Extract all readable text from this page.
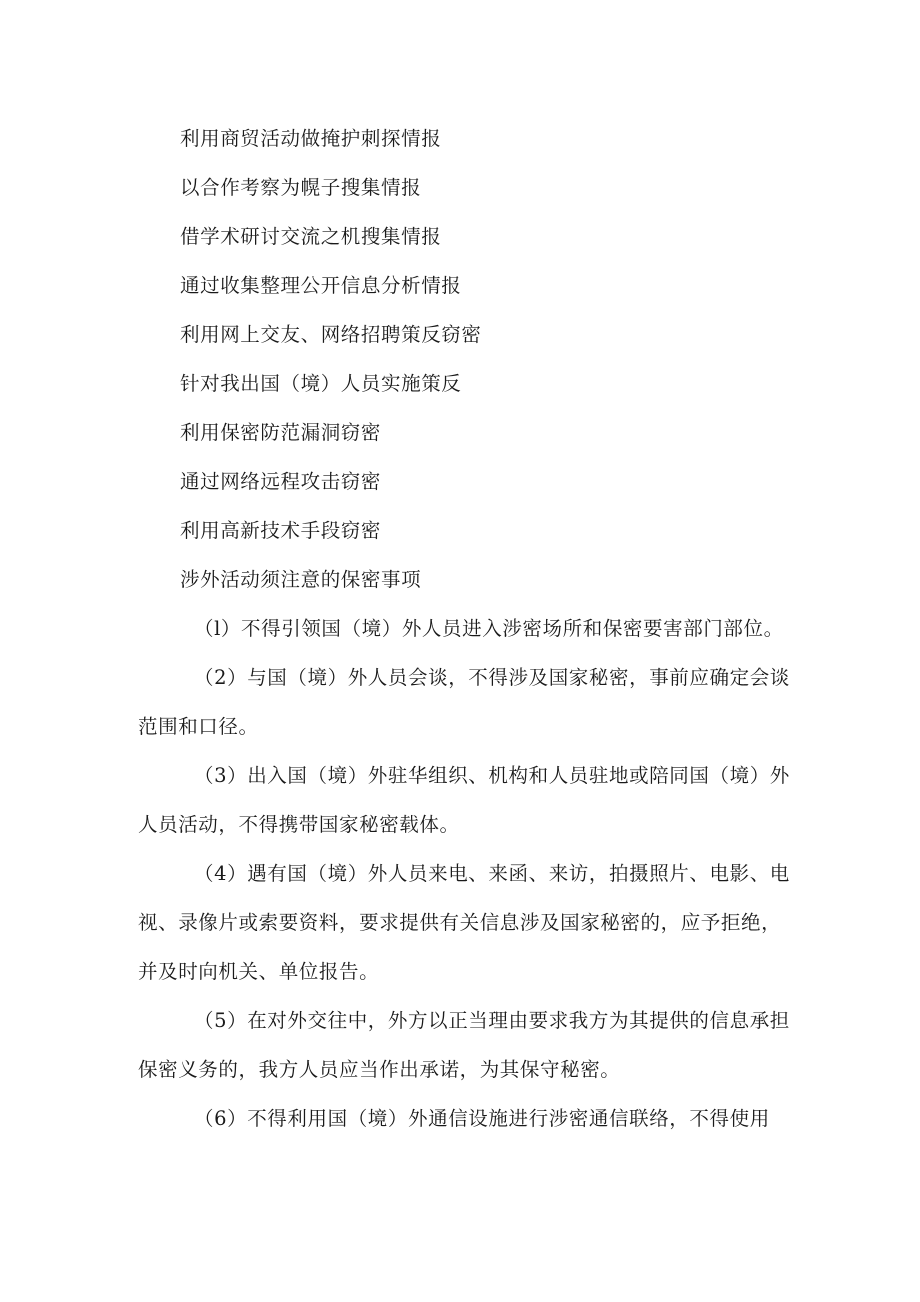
利用商贸活动做掩护刺探情报

以合作考察为幌子搜集情报

借学术研讨交流之机搜集情报

通过收集整理公开信息分析情报

利用网上交友、网络招聘策反窃密

针对我出国（境）人员实施策反

利用保密防范漏洞窃密

通过网络远程攻击窃密

利用高新技术手段窃密

涉外活动须注意的保密事项

（l）不得引领国（境）外人员进入涉密场所和保密要害部门部位。

（2）与国（境）外人员会谈，不得涉及国家秘密，事前应确定会谈

范围和口径。

（3）出入国（境）外驻华组织、机构和人员驻地或陪同国（境）外

人员活动，不得携带国家秘密载体。

（4）遇有国（境）外人员来电、来函、来访，拍摄照片、电影、电

视、录像片或索要资料，要求提供有关信息涉及国家秘密的，应予拒绝，

并及时向机关、单位报告。

（5）在对外交往中，外方以正当理由要求我方为其提供的信息承担

保密义务的，我方人员应当作出承诺，为其保守秘密。

（6）不得利用国（境）外通信设施进行涉密通信联络，不得使用
